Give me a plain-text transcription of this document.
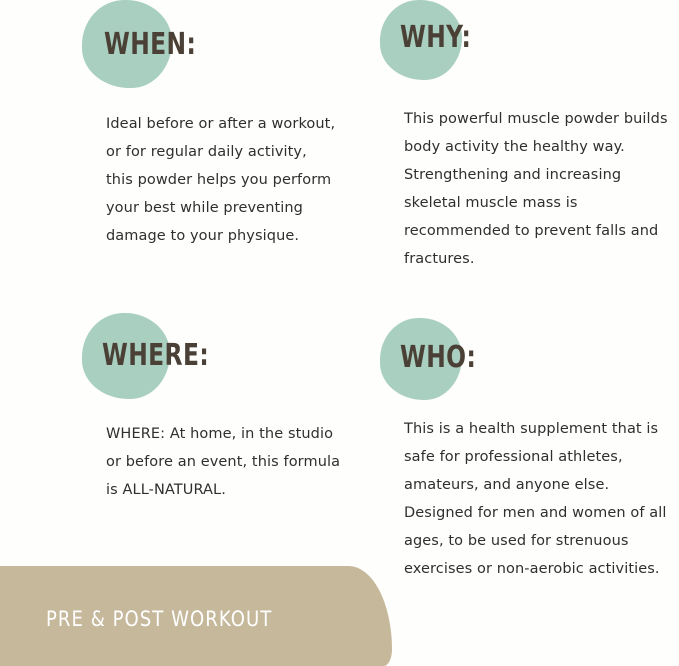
WHEN:
Ideal before or after a workout, or for regular daily activity, this powder helps you perform your best while preventing damage to your physique.
WHERE:
WHERE: At home, in the studio or before an event, this formula is ALL-NATURAL.
WHY:
This powerful muscle powder builds body activity the healthy way. Strengthening and increasing skeletal muscle mass is recommended to prevent falls and fractures.
WHO:
This is a health supplement that is safe for professional athletes, amateurs, and anyone else. Designed for men and women of all ages, to be used for strenuous exercises or non-aerobic activities.
PRE & POST WORKOUT
